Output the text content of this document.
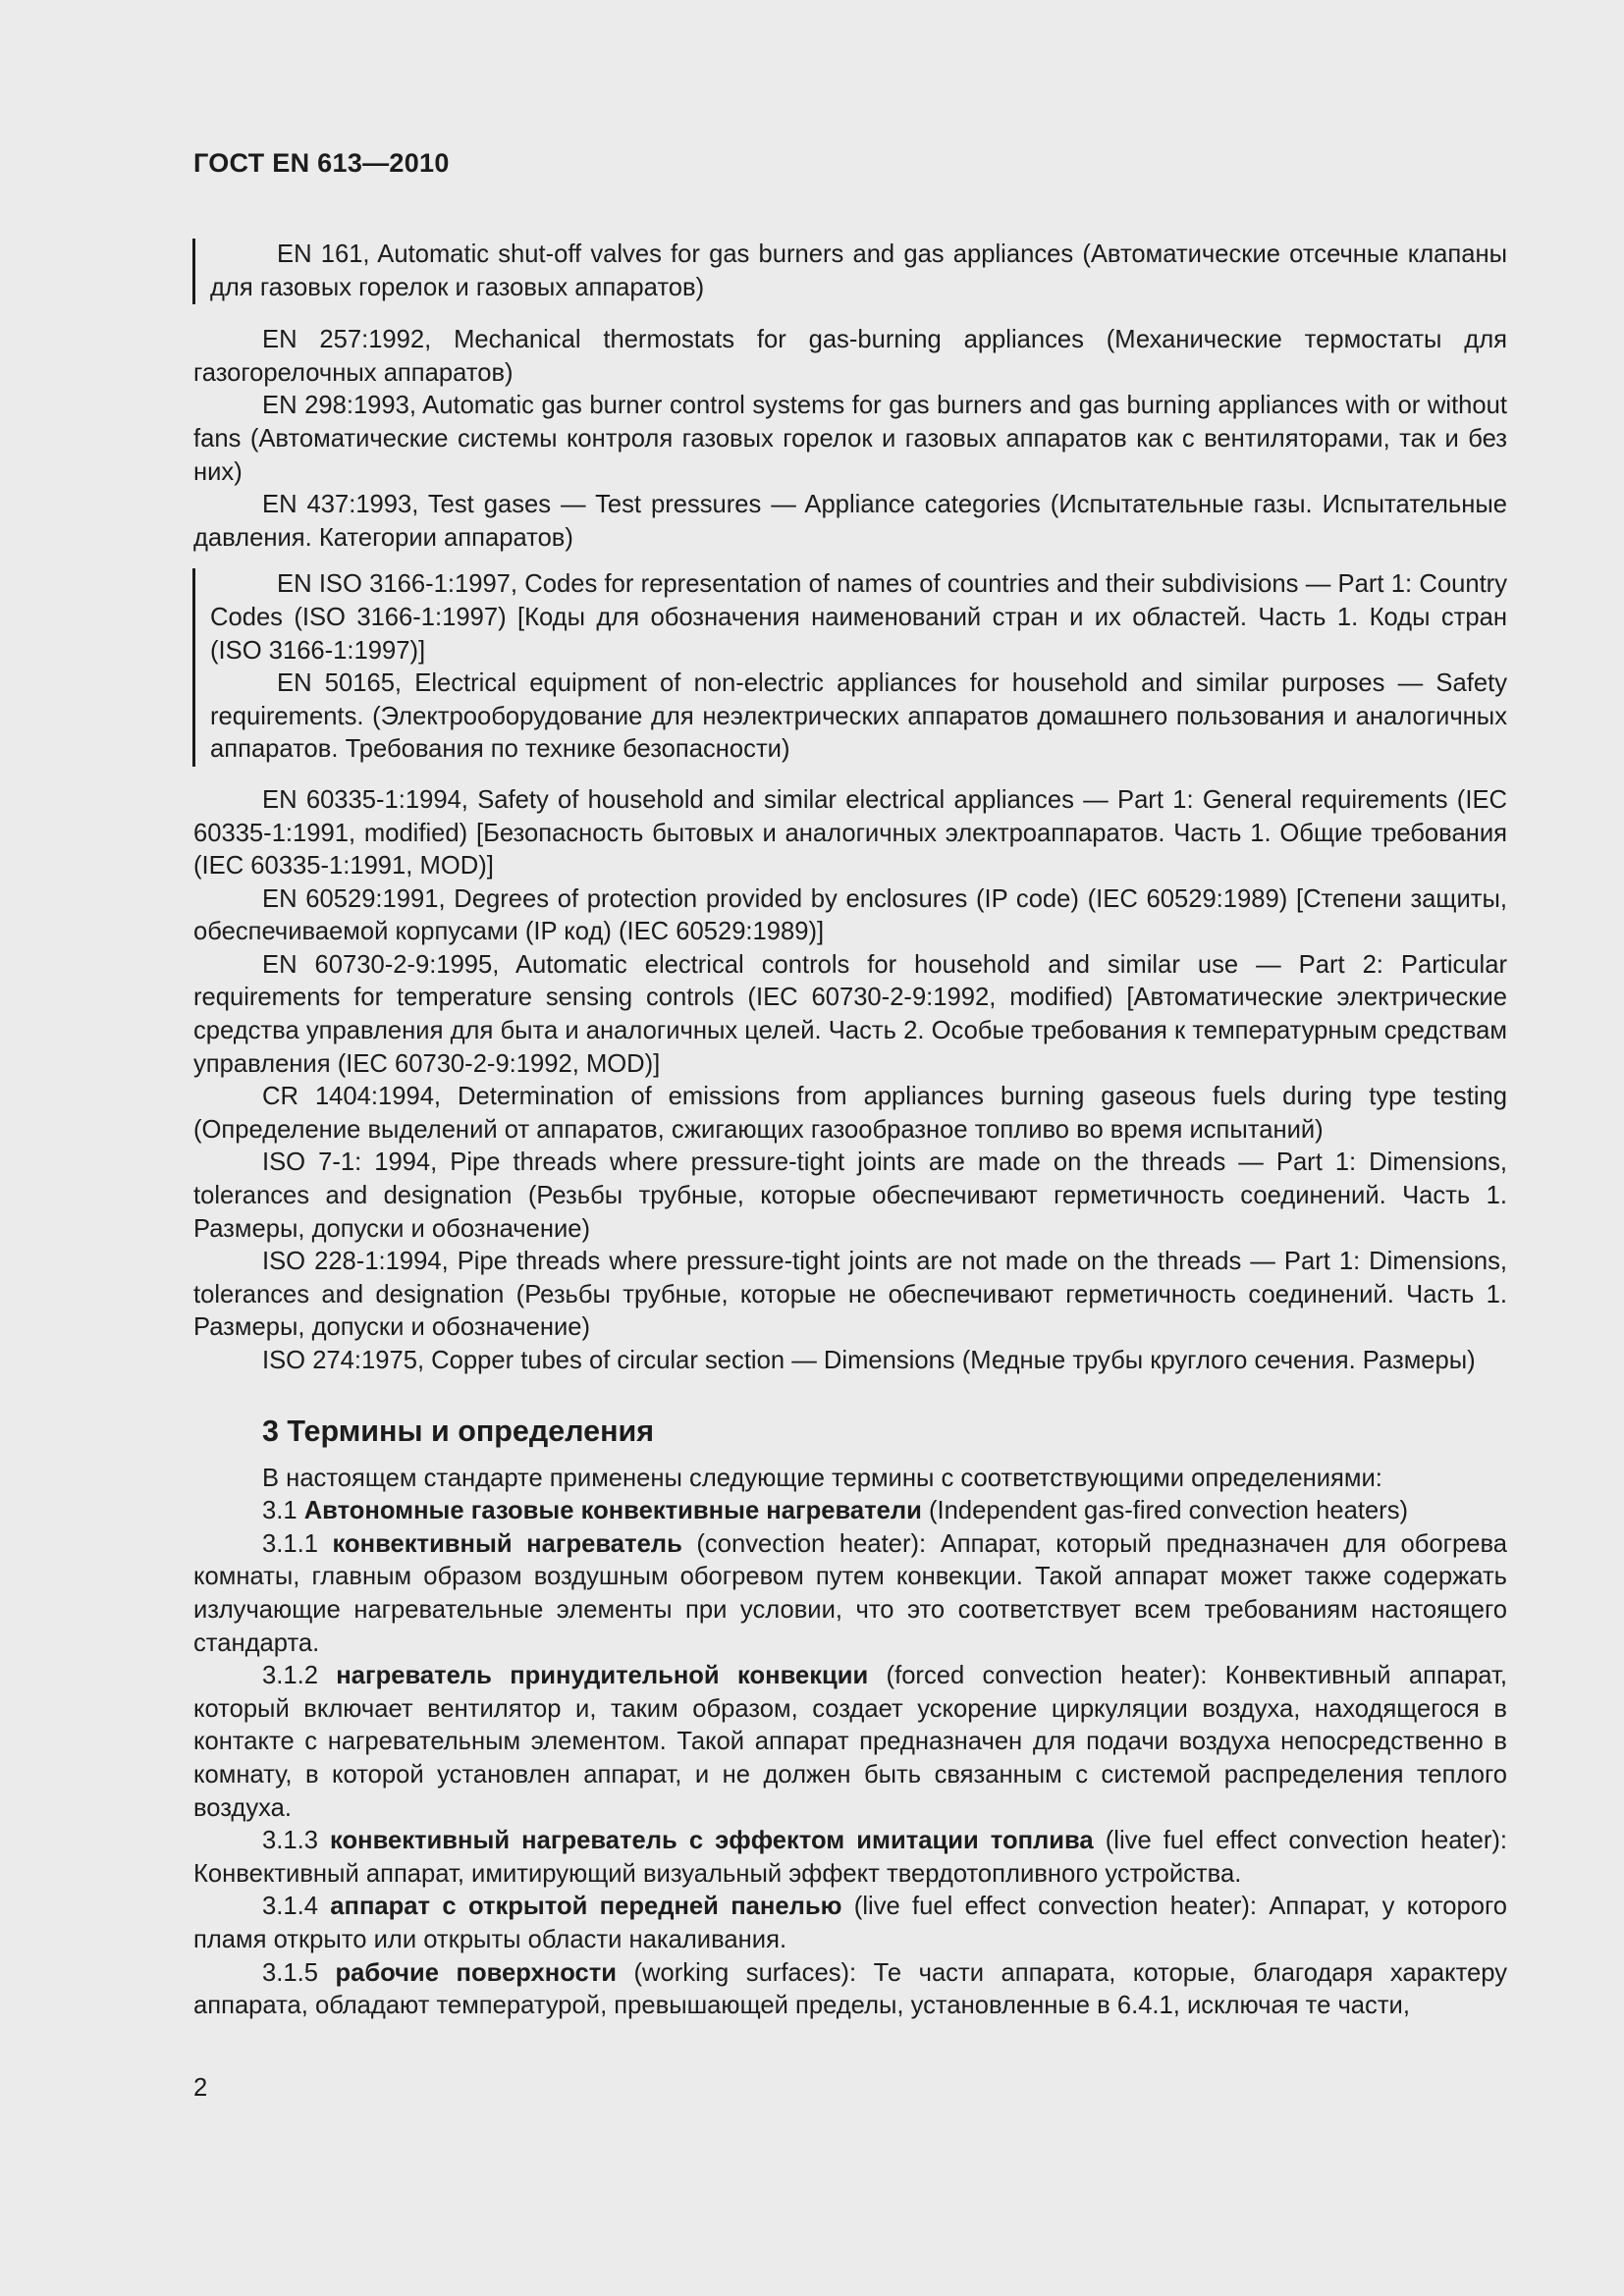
ГОСТ EN 613—2010

EN 161, Automatic shut-off valves for gas burners and gas appliances (Автоматические отсечные клапаны для газовых горелок и газовых аппаратов)

EN 257:1992, Mechanical thermostats for gas-burning appliances (Механические термостаты для газогорелочных аппаратов)

EN 298:1993, Automatic gas burner control systems for gas burners and gas burning appliances with or without fans (Автоматические системы контроля газовых горелок и газовых аппаратов как с вентиляторами, так и без них)

EN 437:1993, Test gases — Test pressures — Appliance categories (Испытательные газы. Испытательные давления. Категории аппаратов)

EN ISO 3166-1:1997, Codes for representation of names of countries and their subdivisions — Part 1: Country Codes (ISO 3166-1:1997) [Коды для обозначения наименований стран и их областей. Часть 1. Коды стран (ISO 3166-1:1997)]

EN 50165, Electrical equipment of non-electric appliances for household and similar purposes — Safety requirements. (Электрооборудование для неэлектрических аппаратов домашнего пользования и аналогичных аппаратов. Требования по технике безопасности)

EN 60335-1:1994, Safety of household and similar electrical appliances — Part 1: General requirements (IEC 60335-1:1991, modified) [Безопасность бытовых и аналогичных электроаппаратов. Часть 1. Общие требования (IEC 60335-1:1991, MOD)]

EN 60529:1991, Degrees of protection provided by enclosures (IP code) (IEC 60529:1989) [Степени защиты, обеспечиваемой корпусами (IP код) (IEC 60529:1989)]

EN 60730-2-9:1995, Automatic electrical controls for household and similar use — Part 2: Particular requirements for temperature sensing controls (IEC 60730-2-9:1992, modified) [Автоматические электрические средства управления для быта и аналогичных целей. Часть 2. Особые требования к температурным средствам управления (IEC 60730-2-9:1992, MOD)]

CR 1404:1994, Determination of emissions from appliances burning gaseous fuels during type testing (Определение выделений от аппаратов, сжигающих газообразное топливо во время испытаний)

ISO 7-1: 1994, Pipe threads where pressure-tight joints are made on the threads — Part 1: Dimensions, tolerances and designation (Резьбы трубные, которые обеспечивают герметичность соединений. Часть 1. Размеры, допуски и обозначение)

ISO 228-1:1994, Pipe threads where pressure-tight joints are not made on the threads — Part 1: Dimensions, tolerances and designation (Резьбы трубные, которые не обеспечивают герметичность соединений. Часть 1. Размеры, допуски и обозначение)

ISO 274:1975, Copper tubes of circular section — Dimensions (Медные трубы круглого сечения. Размеры)

3 Термины и определения

В настоящем стандарте применены следующие термины с соответствующими определениями:

3.1 Автономные газовые конвективные нагреватели (Independent gas-fired convection heaters)

3.1.1 конвективный нагреватель (convection heater): Аппарат, который предназначен для обогрева комнаты, главным образом воздушным обогревом путем конвекции. Такой аппарат может также содержать излучающие нагревательные элементы при условии, что это соответствует всем требованиям настоящего стандарта.

3.1.2 нагреватель принудительной конвекции (forced convection heater): Конвективный аппарат, который включает вентилятор и, таким образом, создает ускорение циркуляции воздуха, находящегося в контакте с нагревательным элементом. Такой аппарат предназначен для подачи воздуха непосредственно в комнату, в которой установлен аппарат, и не должен быть связанным с системой распределения теплого воздуха.

3.1.3 конвективный нагреватель с эффектом имитации топлива (live fuel effect convection heater): Конвективный аппарат, имитирующий визуальный эффект твердотопливного устройства.

3.1.4 аппарат с открытой передней панелью (live fuel effect convection heater): Аппарат, у которого пламя открыто или открыты области накаливания.

3.1.5 рабочие поверхности (working surfaces): Те части аппарата, которые, благодаря характеру аппарата, обладают температурой, превышающей пределы, установленные в 6.4.1, исключая те части,

2
